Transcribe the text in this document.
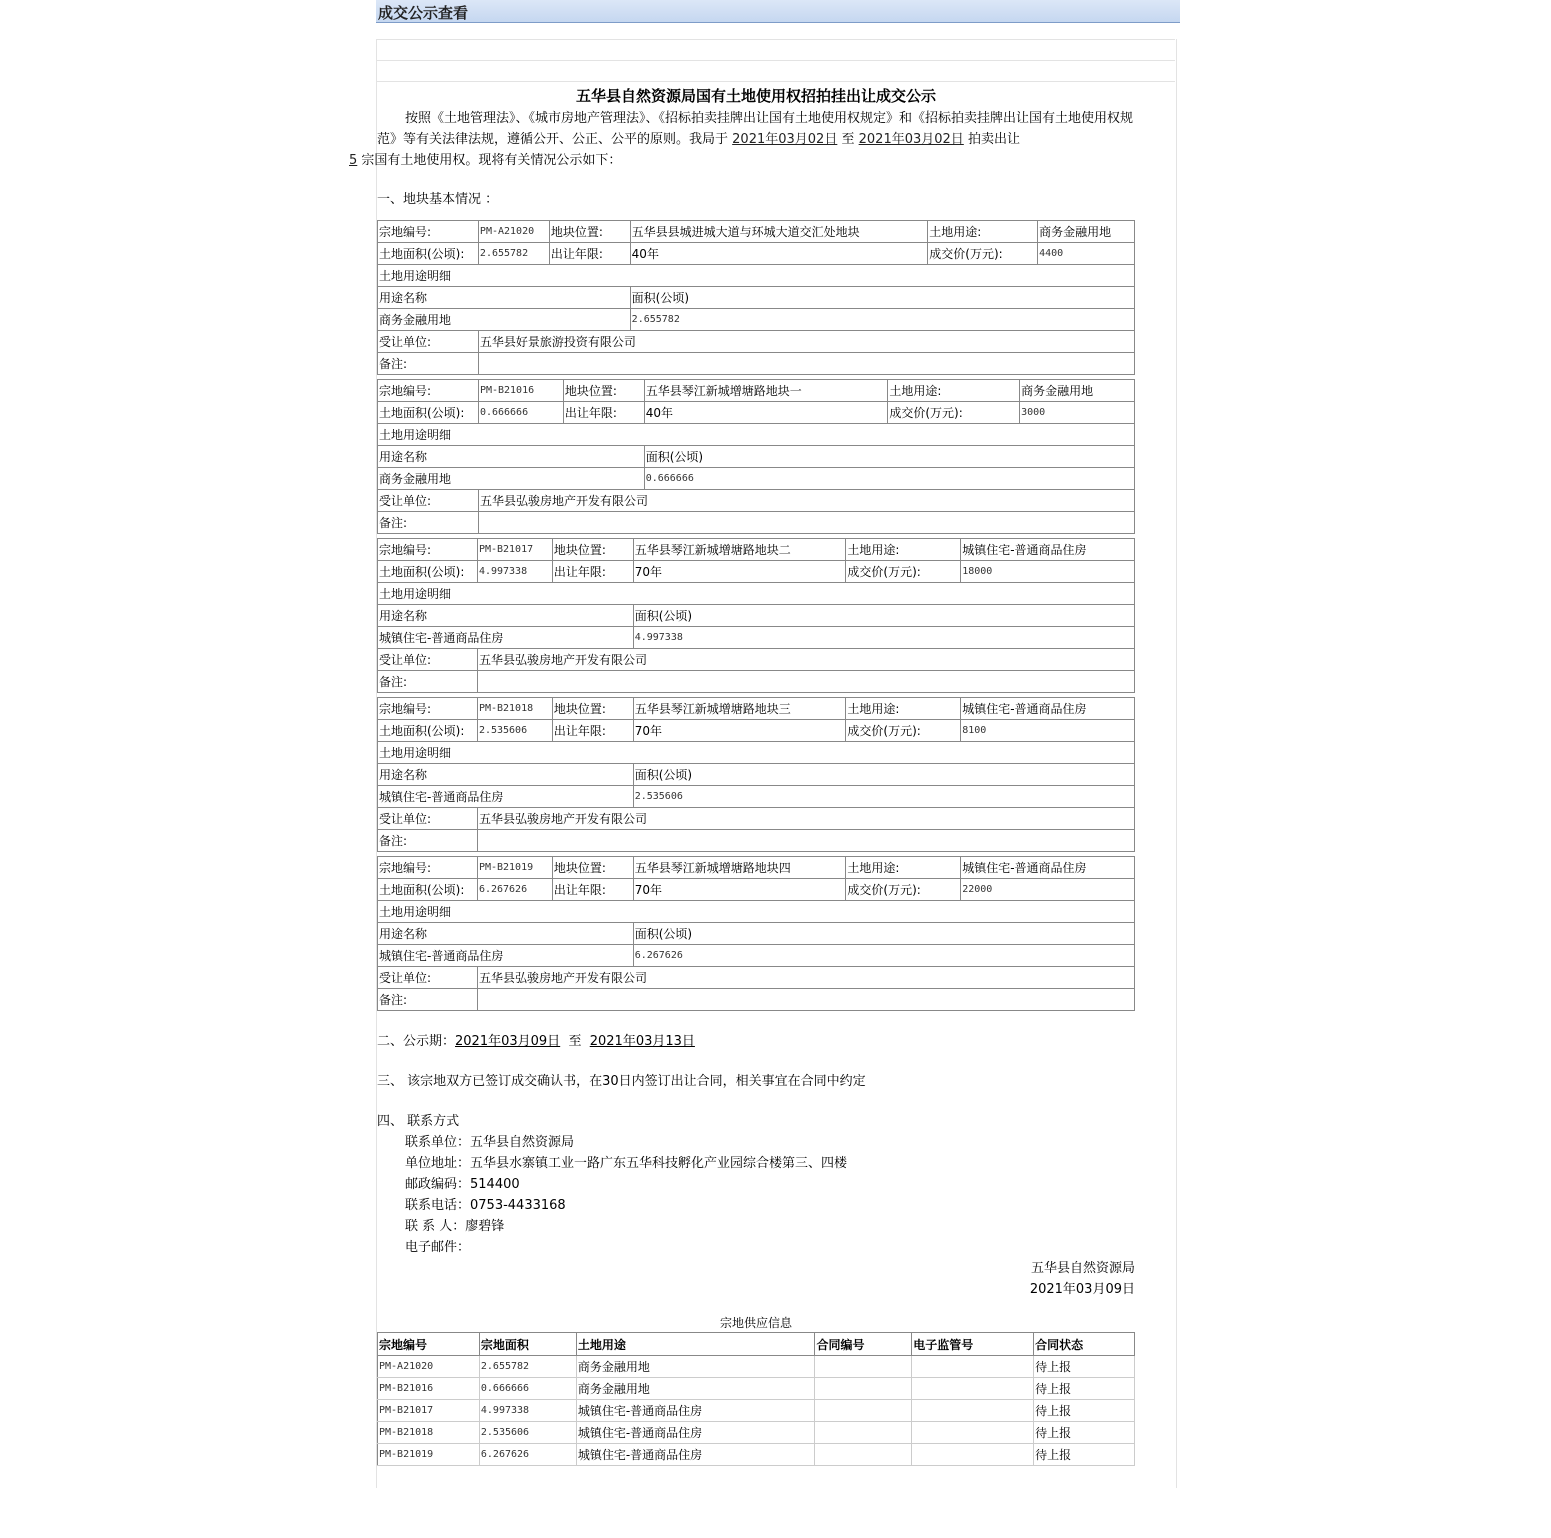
成交公示查看
五华县自然资源局国有土地使用权招拍挂出让成交公示
按照《土地管理法》、《城市房地产管理法》、《招标拍卖挂牌出让国有土地使用权规定》和《招标拍卖挂牌出让国有土地使用权规范》等有关法律法规，遵循公开、公正、公平的原则。我局于 2021年03月02日 至 2021年03月02日 拍卖出让
5 宗国有土地使用权。现将有关情况公示如下：
一、地块基本情况 ：
宗地编号:	PM-A21020	地块位置:	五华县县城进城大道与环城大道交汇处地块	土地用途:	商务金融用地
土地面积(公顷):	2.655782	出让年限:	40年	成交价(万元):	4400
土地用途明细					
用途名称			面积(公顷)		
商务金融用地			2.655782		
受让单位:	五华县好景旅游投资有限公司				
备注:					
宗地编号:	PM-B21016	地块位置:	五华县琴江新城增塘路地块一	土地用途:	商务金融用地
土地面积(公顷):	0.666666	出让年限:	40年	成交价(万元):	3000
土地用途明细					
用途名称			面积(公顷)		
商务金融用地			0.666666		
受让单位:	五华县弘骏房地产开发有限公司				
备注:					
宗地编号:	PM-B21017	地块位置:	五华县琴江新城增塘路地块二	土地用途:	城镇住宅-普通商品住房
土地面积(公顷):	4.997338	出让年限:	70年	成交价(万元):	18000
土地用途明细					
用途名称			面积(公顷)		
城镇住宅-普通商品住房			4.997338		
受让单位:	五华县弘骏房地产开发有限公司				
备注:					
宗地编号:	PM-B21018	地块位置:	五华县琴江新城增塘路地块三	土地用途:	城镇住宅-普通商品住房
土地面积(公顷):	2.535606	出让年限:	70年	成交价(万元):	8100
土地用途明细					
用途名称			面积(公顷)		
城镇住宅-普通商品住房			2.535606		
受让单位:	五华县弘骏房地产开发有限公司				
备注:					
宗地编号:	PM-B21019	地块位置:	五华县琴江新城增塘路地块四	土地用途:	城镇住宅-普通商品住房
土地面积(公顷):	6.267626	出让年限:	70年	成交价(万元):	22000
土地用途明细					
用途名称			面积(公顷)		
城镇住宅-普通商品住房			6.267626		
受让单位:	五华县弘骏房地产开发有限公司				
备注:					
二、公示期：2021年03月09日 至 2021年03月13日
三、 该宗地双方已签订成交确认书，在30日内签订出让合同，相关事宜在合同中约定
四、 联系方式
联系单位：五华县自然资源局
单位地址：五华县水寨镇工业一路广东五华科技孵化产业园综合楼第三、四楼
邮政编码：514400
联系电话：0753-4433168
联 系 人：廖碧锋
电子邮件：
五华县自然资源局
2021年03月09日
宗地供应信息
宗地编号	宗地面积	土地用途	合同编号	电子监管号	合同状态
PM-A21020	2.655782	商务金融用地			待上报
PM-B21016	0.666666	商务金融用地			待上报
PM-B21017	4.997338	城镇住宅-普通商品住房			待上报
PM-B21018	2.535606	城镇住宅-普通商品住房			待上报
PM-B21019	6.267626	城镇住宅-普通商品住房			待上报
